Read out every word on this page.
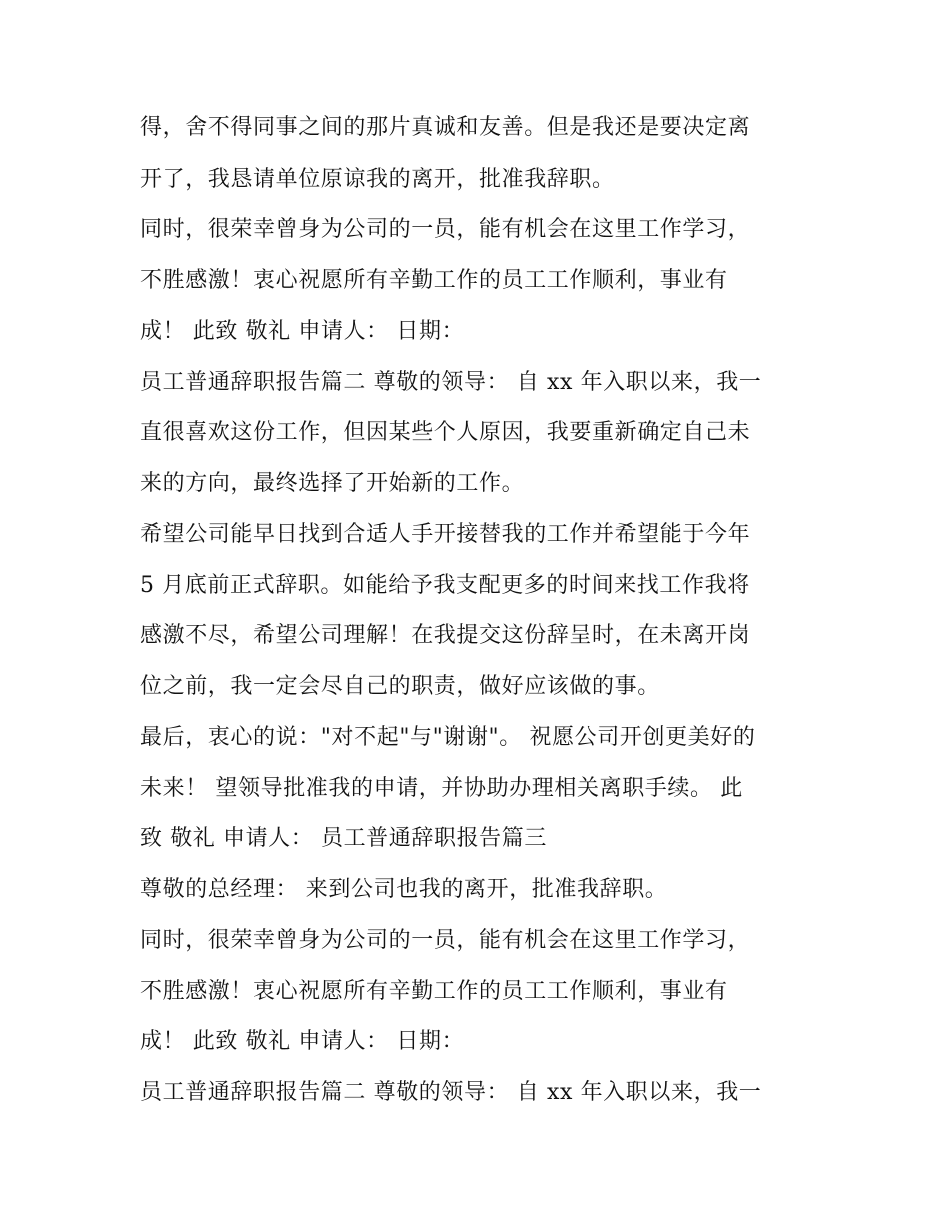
得，舍不得同事之间的那片真诚和友善。但是我还是要决定离
开了，我恳请单位原谅我的离开，批准我辞职。
同时，很荣幸曾身为公司的一员，能有机会在这里工作学习，
不胜感激！衷心祝愿所有辛勤工作的员工工作顺利，事业有
成！ 此致 敬礼 申请人： 日期：
员工普通辞职报告篇二 尊敬的领导： 自 xx 年入职以来，我一
直很喜欢这份工作，但因某些个人原因，我要重新确定自己未
来的方向，最终选择了开始新的工作。
希望公司能早日找到合适人手开接替我的工作并希望能于今年
5 月底前正式辞职。如能给予我支配更多的时间来找工作我将
感激不尽，希望公司理解！在我提交这份辞呈时，在未离开岗
位之前，我一定会尽自己的职责，做好应该做的事。
最后，衷心的说："对不起"与"谢谢"。 祝愿公司开创更美好的
未来！ 望领导批准我的申请，并协助办理相关离职手续。 此
致 敬礼 申请人： 员工普通辞职报告篇三
尊敬的总经理： 来到公司也我的离开，批准我辞职。
同时，很荣幸曾身为公司的一员，能有机会在这里工作学习，
不胜感激！衷心祝愿所有辛勤工作的员工工作顺利，事业有
成！ 此致 敬礼 申请人： 日期：
员工普通辞职报告篇二 尊敬的领导： 自 xx 年入职以来，我一
